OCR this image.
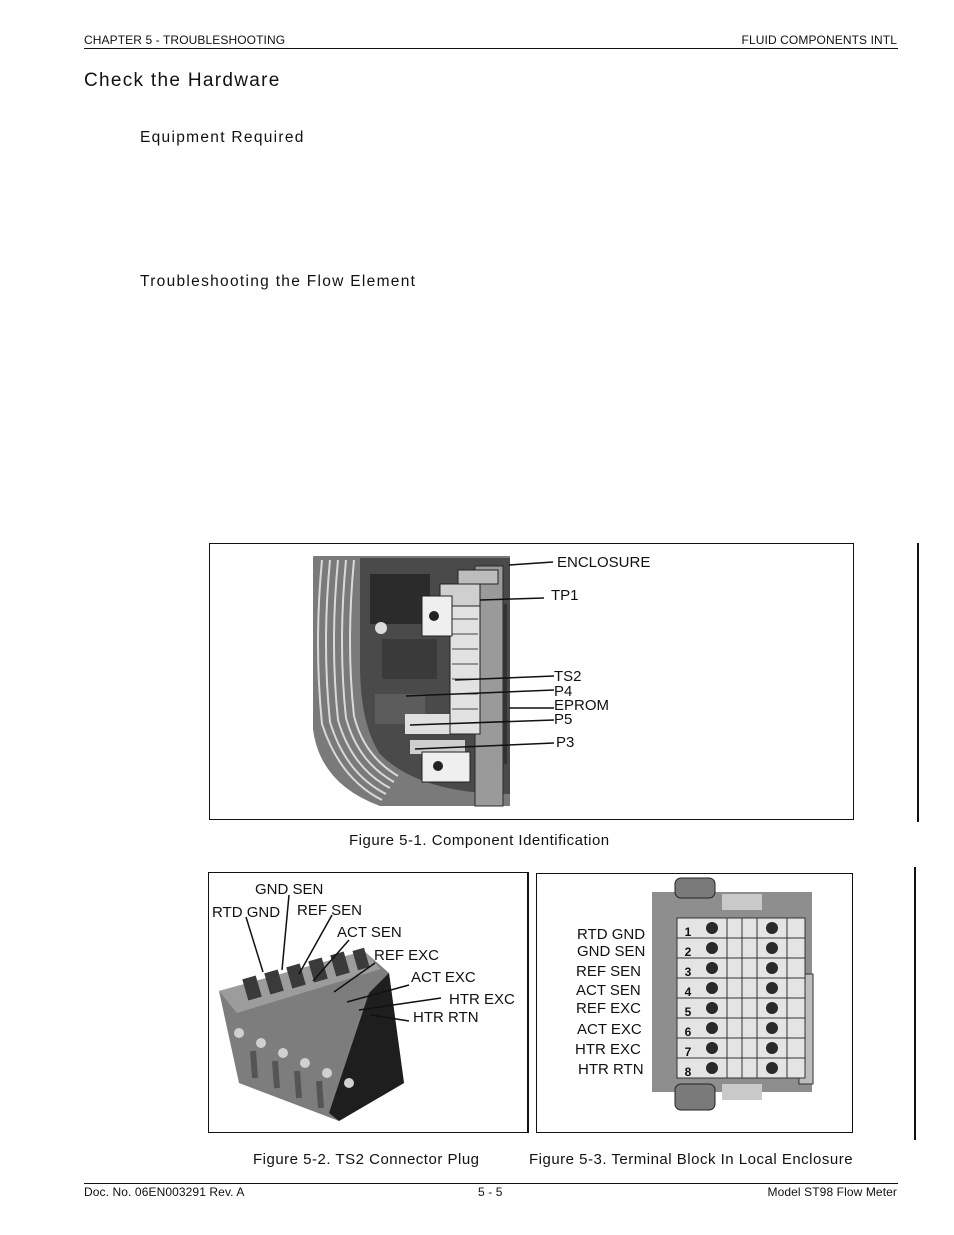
CHAPTER 5 - TROUBLESHOOTING	FLUID COMPONENTS INTL
Check the Hardware
Equipment Required
Troubleshooting the Flow Element
ENCLOSURE
TP1
TS2
P4
EPROM
P5
P3
Figure 5-1. Component Identification
GND SEN
RTD GND REF SEN
ACT SEN
REF EXC
ACT EXC
HTR EXC
HTR RTN
Figure 5-2. TS2 Connector Plug
1
2
3
4
5
6
7
8
RTD GND
GND SEN
REF SEN
ACT SEN
REF EXC
ACT EXC
HTR EXC
HTR RTN
Figure 5-3. Terminal Block In Local Enclosure
Doc. No. 06EN003291 Rev. A	5 - 5	Model ST98 Flow Meter
